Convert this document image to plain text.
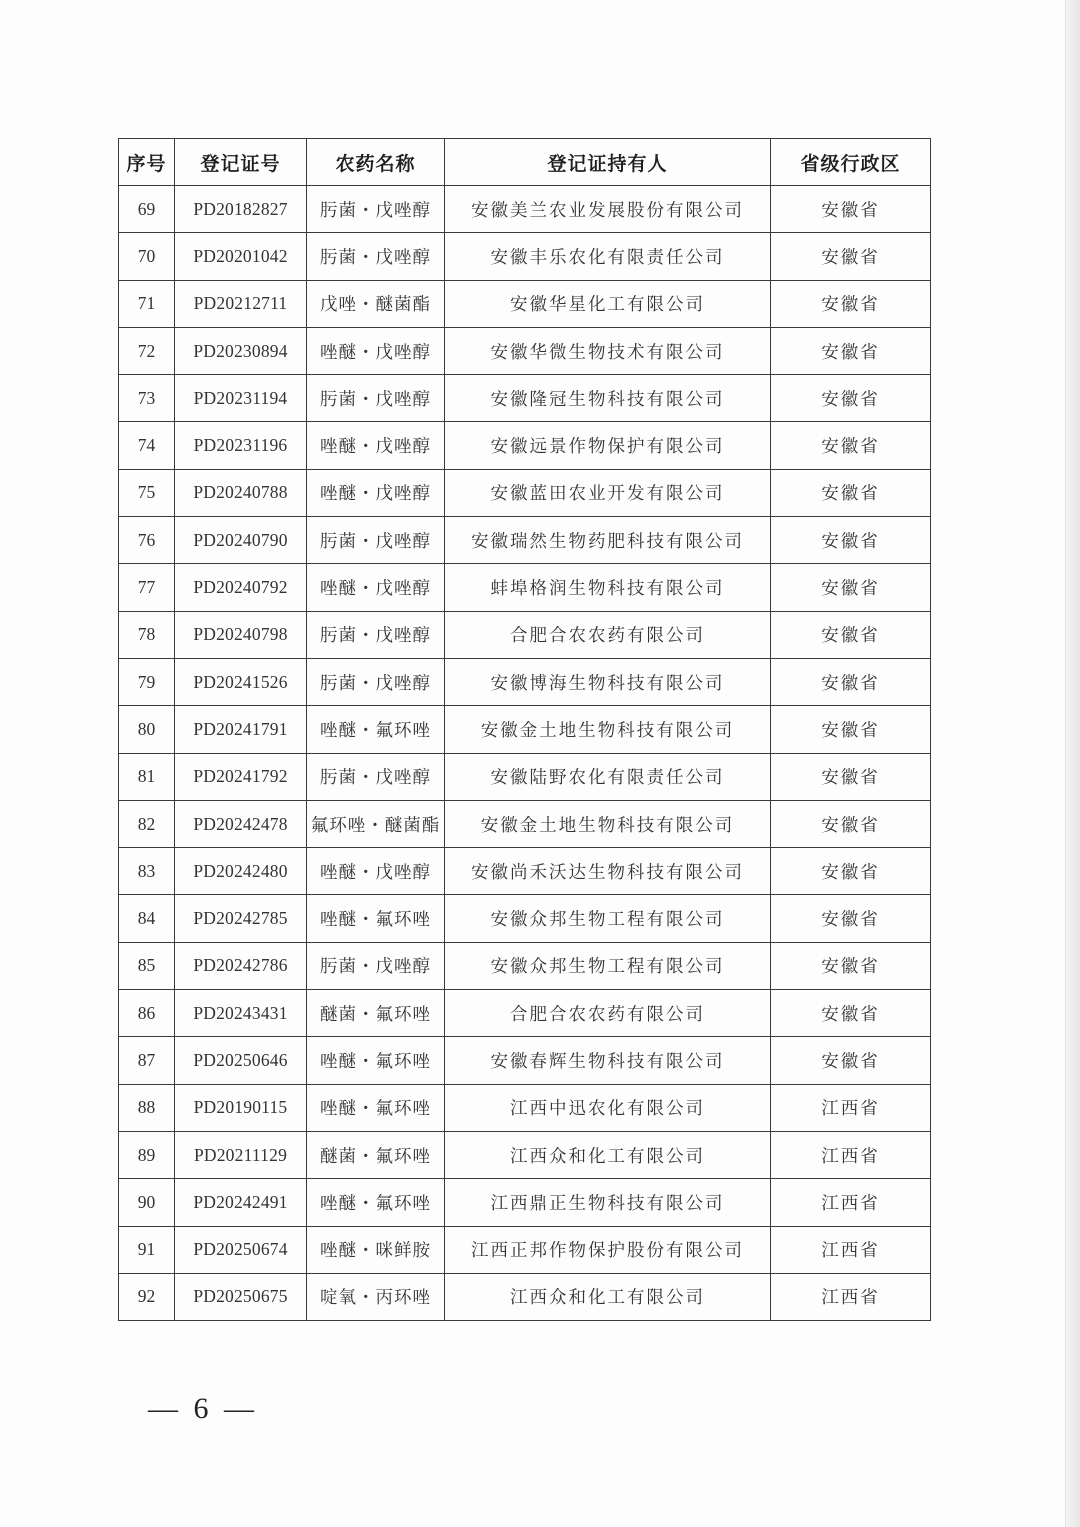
序号	登记证号	农药名称	登记证持有人	省级行政区
69	PD20182827	肟菌・戊唑醇	安徽美兰农业发展股份有限公司	安徽省
70	PD20201042	肟菌・戊唑醇	安徽丰乐农化有限责任公司	安徽省
71	PD20212711	戊唑・醚菌酯	安徽华星化工有限公司	安徽省
72	PD20230894	唑醚・戊唑醇	安徽华微生物技术有限公司	安徽省
73	PD20231194	肟菌・戊唑醇	安徽隆冠生物科技有限公司	安徽省
74	PD20231196	唑醚・戊唑醇	安徽远景作物保护有限公司	安徽省
75	PD20240788	唑醚・戊唑醇	安徽蓝田农业开发有限公司	安徽省
76	PD20240790	肟菌・戊唑醇	安徽瑞然生物药肥科技有限公司	安徽省
77	PD20240792	唑醚・戊唑醇	蚌埠格润生物科技有限公司	安徽省
78	PD20240798	肟菌・戊唑醇	合肥合农农药有限公司	安徽省
79	PD20241526	肟菌・戊唑醇	安徽博海生物科技有限公司	安徽省
80	PD20241791	唑醚・氟环唑	安徽金土地生物科技有限公司	安徽省
81	PD20241792	肟菌・戊唑醇	安徽陆野农化有限责任公司	安徽省
82	PD20242478	氟环唑・醚菌酯	安徽金土地生物科技有限公司	安徽省
83	PD20242480	唑醚・戊唑醇	安徽尚禾沃达生物科技有限公司	安徽省
84	PD20242785	唑醚・氟环唑	安徽众邦生物工程有限公司	安徽省
85	PD20242786	肟菌・戊唑醇	安徽众邦生物工程有限公司	安徽省
86	PD20243431	醚菌・氟环唑	合肥合农农药有限公司	安徽省
87	PD20250646	唑醚・氟环唑	安徽春辉生物科技有限公司	安徽省
88	PD20190115	唑醚・氟环唑	江西中迅农化有限公司	江西省
89	PD20211129	醚菌・氟环唑	江西众和化工有限公司	江西省
90	PD20242491	唑醚・氟环唑	江西鼎正生物科技有限公司	江西省
91	PD20250674	唑醚・咪鲜胺	江西正邦作物保护股份有限公司	江西省
92	PD20250675	啶氧・丙环唑	江西众和化工有限公司	江西省
— 6 —
